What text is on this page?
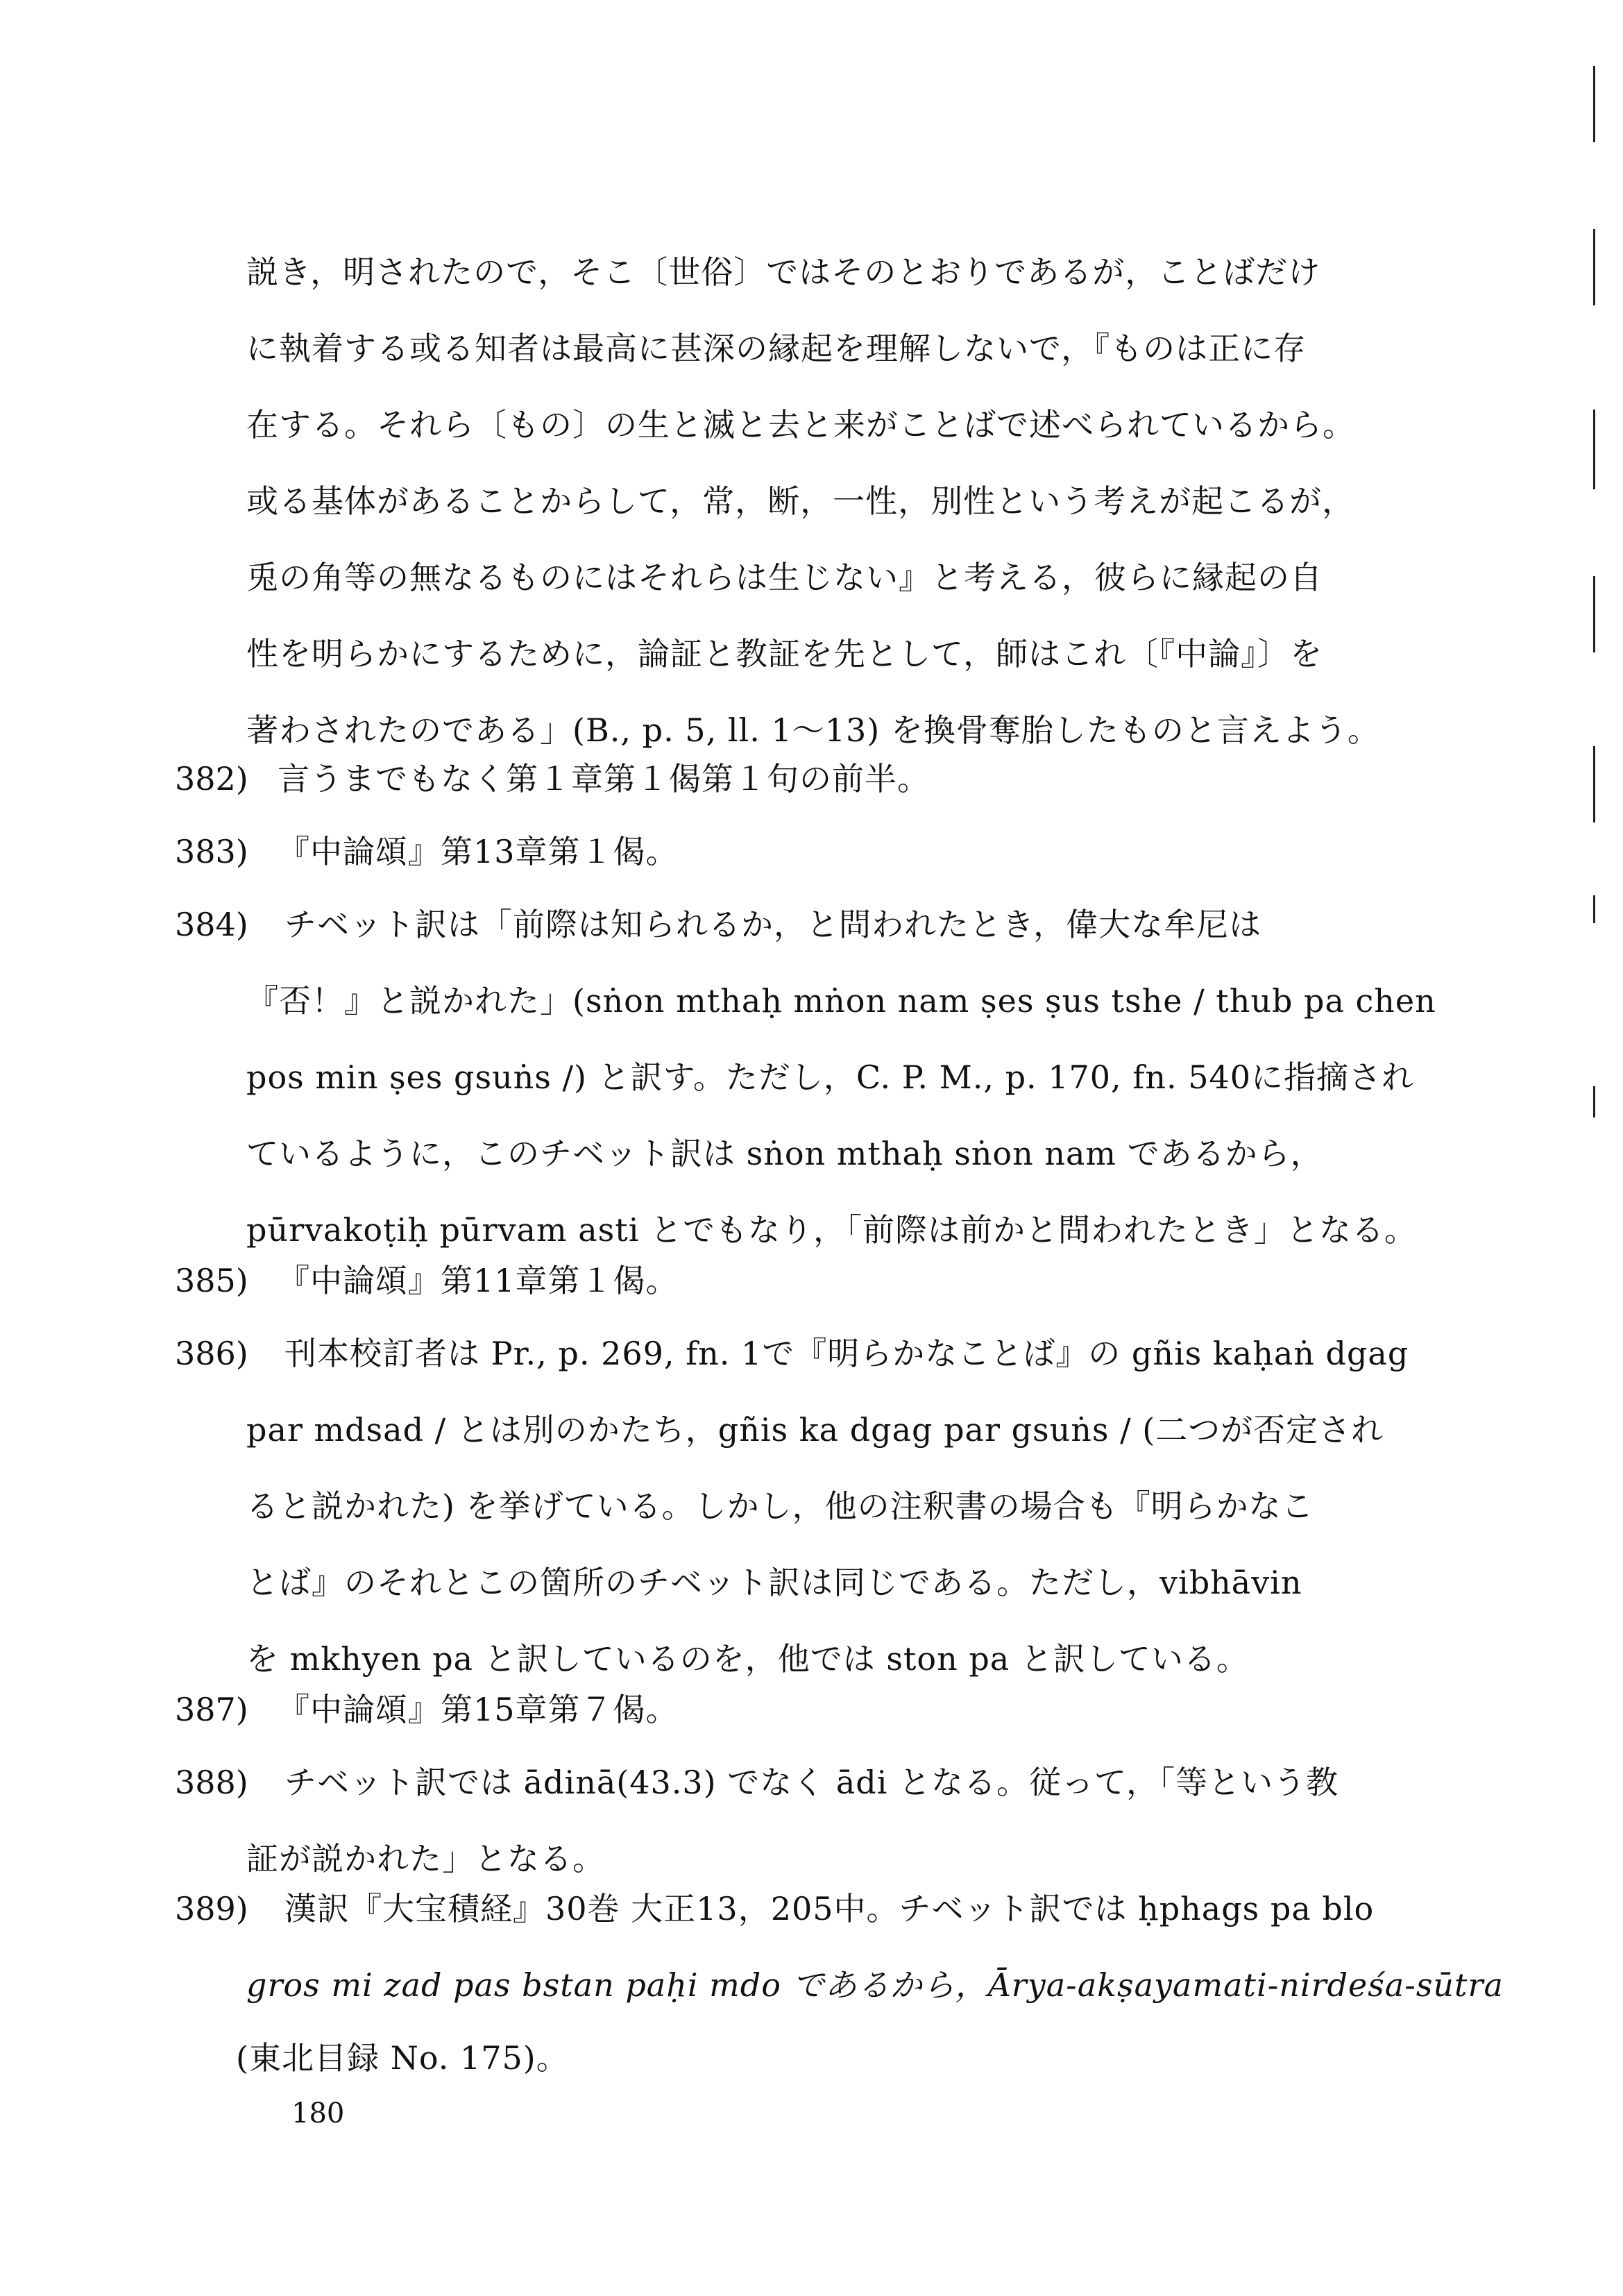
説き，明されたので，そこ〔世俗〕ではそのとおりであるが，ことばだけ
に執着する或る知者は最高に甚深の縁起を理解しないで，『ものは正に存
在する。それら〔もの〕の生と滅と去と来がことばで述べられているから。
或る基体があることからして，常，断，一性，別性という考えが起こるが，
兎の角等の無なるものにはそれらは生じない』と考える，彼らに縁起の自
性を明らかにするために，論証と教証を先として，師はこれ〔『中論』〕を
著わされたのである」(B., p. 5, ll. 1～13) を換骨奪胎したものと言えよう。
382) 言うまでもなく第１章第１偈第１句の前半。
383) 『中論頌』第13章第１偈。
384) チベット訳は「前際は知られるか，と問われたとき，偉大な牟尼は
『否！』と説かれた」(sṅon mthaḥ mṅon nam ṣes ṣus tshe / thub pa chen
pos min ṣes gsuṅs /) と訳す。ただし，C. P. M., p. 170, fn. 540に指摘され
ているように，このチベット訳は sṅon mthaḥ sṅon nam であるから，
pūrvakoṭiḥ pūrvam asti とでもなり，「前際は前かと問われたとき」となる。
385) 『中論頌』第11章第１偈。
386) 刊本校訂者は Pr., p. 269, fn. 1で『明らかなことば』の gñis kaḥaṅ dgag
par mdsad / とは別のかたち，gñis ka dgag par gsuṅs / (二つが否定され
ると説かれた) を挙げている。しかし，他の注釈書の場合も『明らかなこ
とば』のそれとこの箇所のチベット訳は同じである。ただし，vibhāvin
を mkhyen pa と訳しているのを，他では ston pa と訳している。
387) 『中論頌』第15章第７偈。
388) チベット訳では ādinā(43.3) でなく ādi となる。従って，「等という教
証が説かれた」となる。
389) 漢訳『大宝積経』30巻 大正13，205中。チベット訳では ḥphags pa blo
gros mi zad pas bstan paḥi mdo であるから，Ārya-akṣayamati-nirdeśa-sūtra
(東北目録 No. 175)。
180
